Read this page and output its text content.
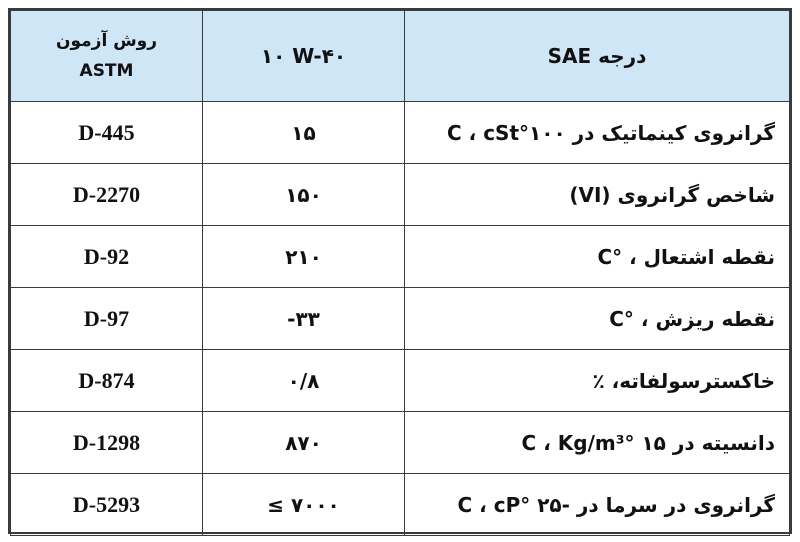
روش آزمون
ASTM	۱۰ W-۴۰	درجه SAE
D-445	۱۵	گرانروی کینماتیک در ۱۰۰°C ، cSt
D-2270	۱۵۰	شاخص گرانروی (VI)
D-92	۲۱۰	نقطه اشتعال ، °C
D-97	-۳۳	نقطه ریزش ، °C
D-874	۰/۸	خاکسترسولفاته، ٪
D-1298	۸۷۰	دانسیته در ۱۵ °C ، Kg/m³
D-5293	≤ ۷۰۰۰	گرانروی در سرما در -۲۵ °C ، cP
